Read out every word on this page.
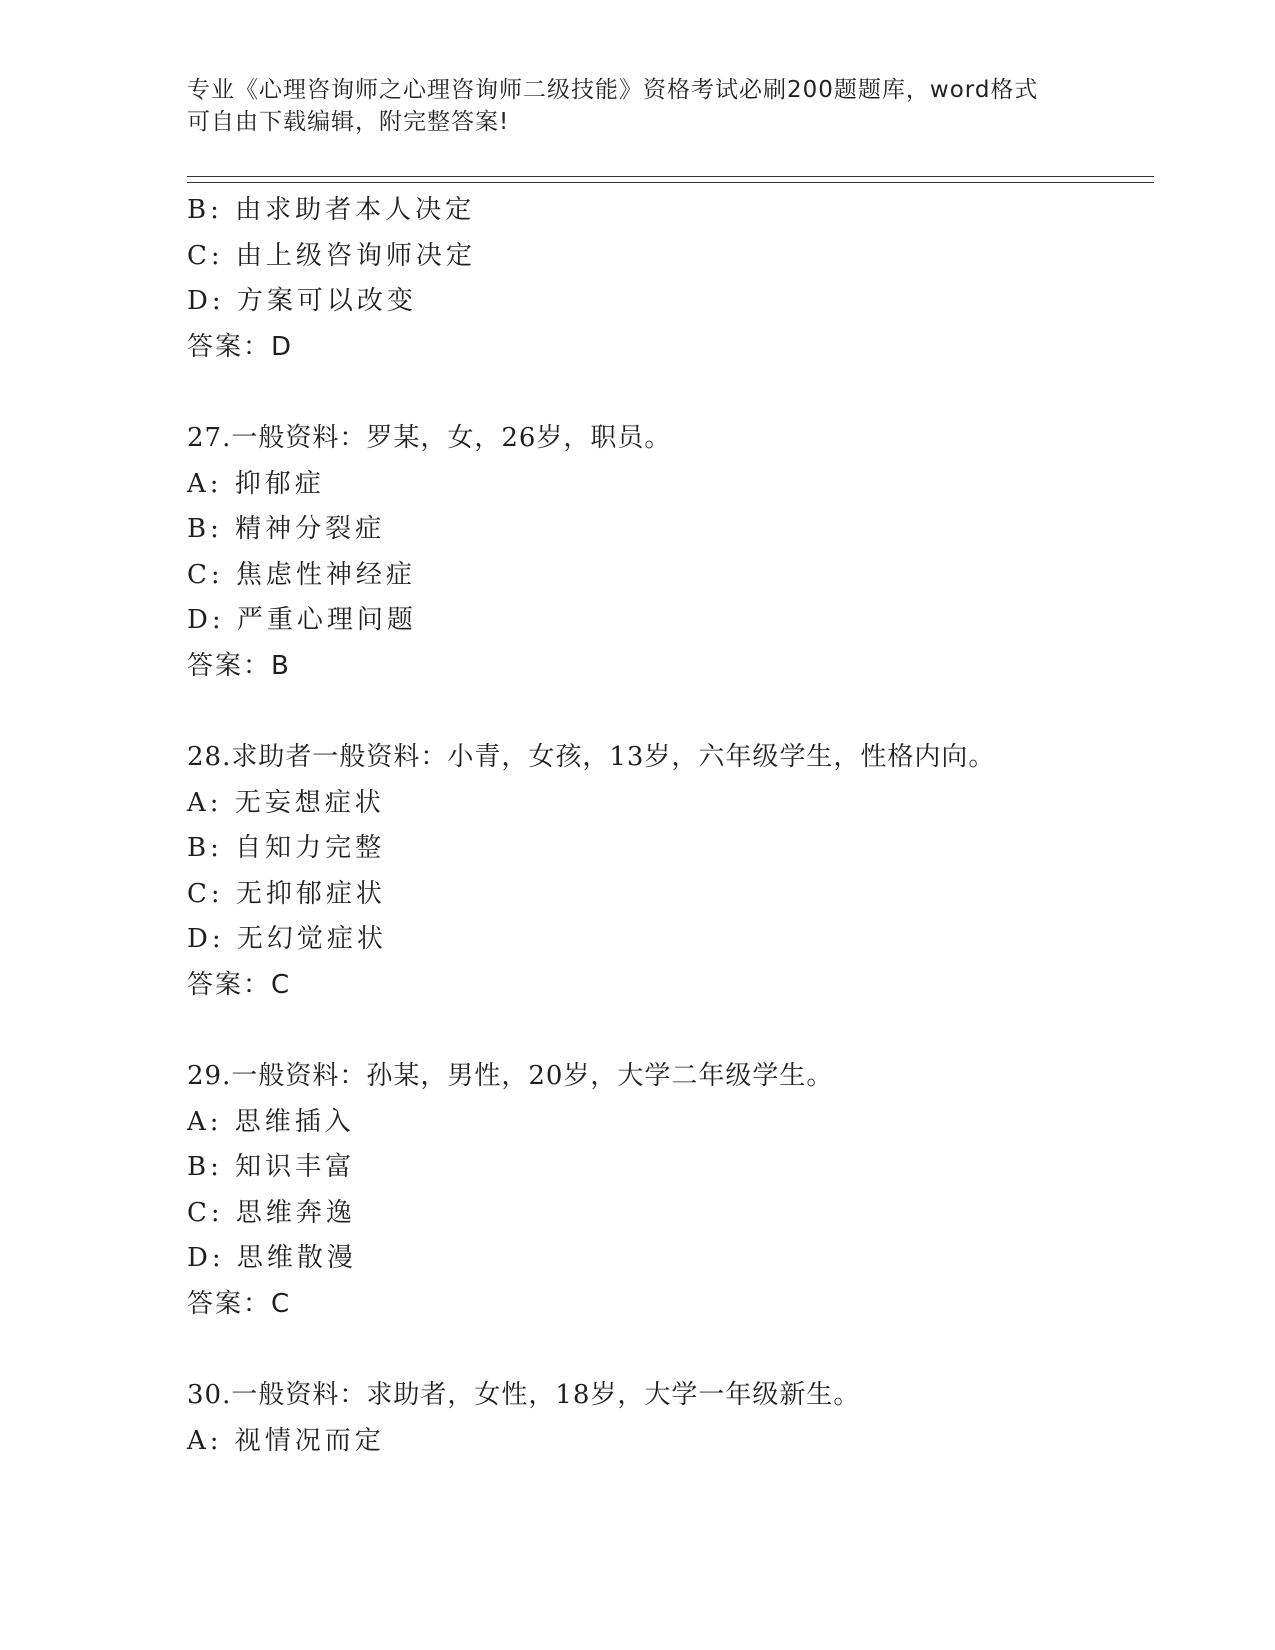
专业《心理咨询师之心理咨询师二级技能》资格考试必刷200题题库，word格式
可自由下载编辑，附完整答案!
B: 由求助者本人决定
C: 由上级咨询师决定
D: 方案可以改变
答案：D
27.一般资料：罗某，女，26岁，职员。
A: 抑郁症
B: 精神分裂症
C: 焦虑性神经症
D: 严重心理问题
答案：B
28.求助者一般资料：小青，女孩，13岁，六年级学生，性格内向。
A: 无妄想症状
B: 自知力完整
C: 无抑郁症状
D: 无幻觉症状
答案：C
29.一般资料：孙某，男性，20岁，大学二年级学生。
A: 思维插入
B: 知识丰富
C: 思维奔逸
D: 思维散漫
答案：C
30.一般资料：求助者，女性，18岁，大学一年级新生。
A: 视情况而定
